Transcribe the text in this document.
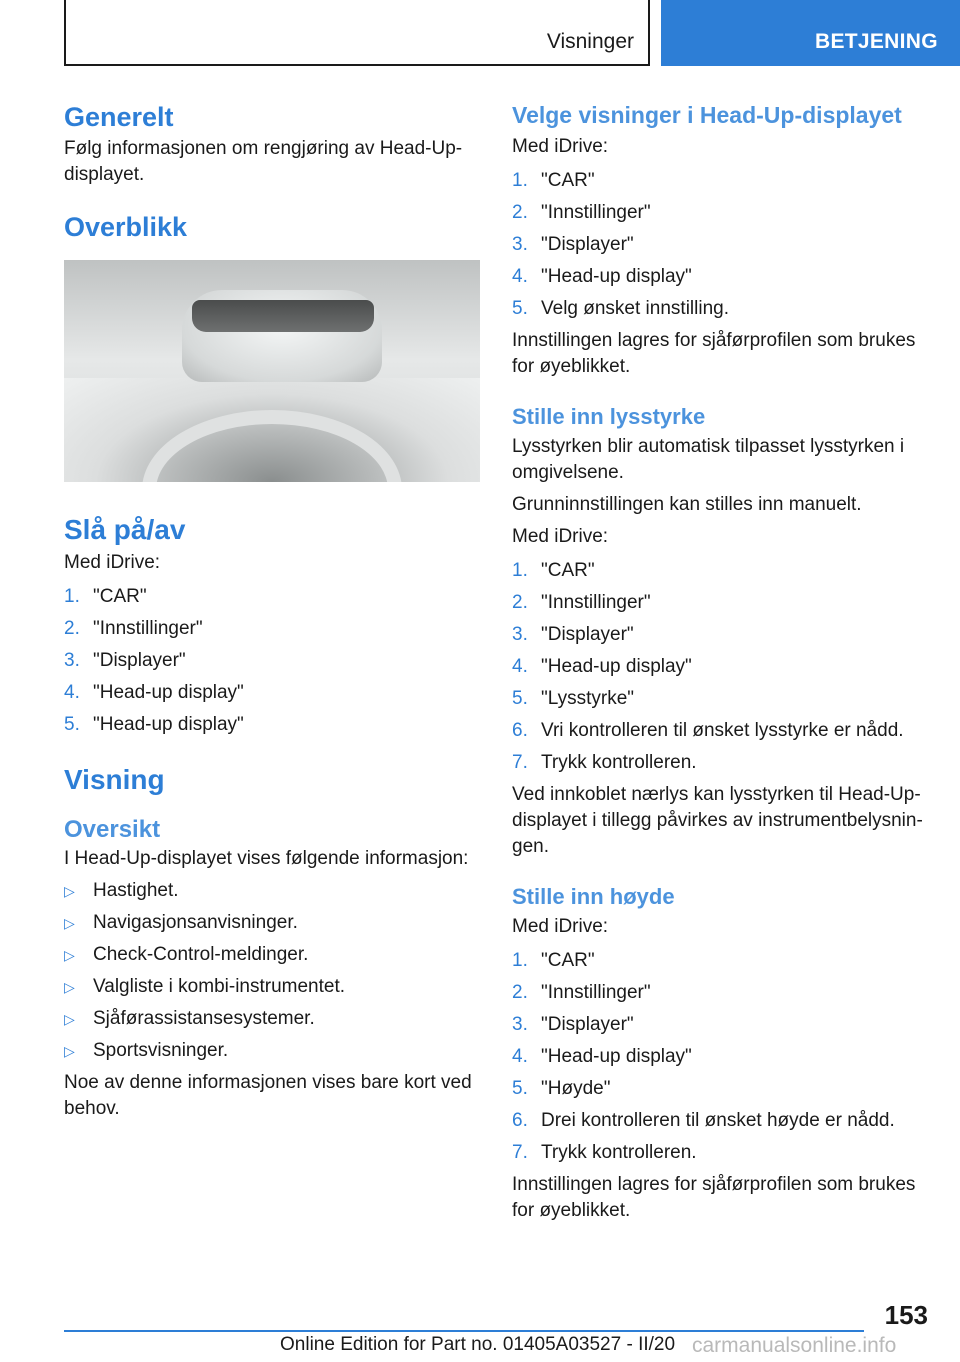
Visninger	BETJENING
Generelt

Følg informasjonen om rengjøring av Head-Up-displayet.

Overblikk
Slå på/av

Med iDrive:

1. "CAR"
2. "Innstillinger"
3. "Displayer"
4. "Head-up display"
5. "Head-up display"
Visning
Oversikt

I Head-Up-displayet vises følgende informasjon:

▷ Hastighet.
▷ Navigasjonsanvisninger.
▷ Check-Control-meldinger.
▷ Valgliste i kombi-instrumentet.
▷ Sjåførassistansesystemer.
▷ Sportsvisninger.

Noe av denne informasjonen vises bare kort ved behov.

Velge visninger i Head-Up-displayet

Med iDrive:

1. "CAR"
2. "Innstillinger"
3. "Displayer"
4. "Head-up display"
5. Velg ønsket innstilling.

Innstillingen lagres for sjåførprofilen som brukes for øyeblikket.

Stille inn lysstyrke

Lysstyrken blir automatisk tilpasset lysstyrken i omgivelsene.

Grunninnstillingen kan stilles inn manuelt.

Med iDrive:

1. "CAR"
2. "Innstillinger"
3. "Displayer"
4. "Head-up display"
5. "Lysstyrke"
6. Vri kontrolleren til ønsket lysstyrke er nådd.
7. Trykk kontrolleren.

Ved innkoblet nærlys kan lysstyrken til Head-Up-displayet i tillegg påvirkes av instrumentbelysningen.

Stille inn høyde

Med iDrive:

1. "CAR"
2. "Innstillinger"
3. "Displayer"
4. "Head-up display"
5. "Høyde"
6. Drei kontrolleren til ønsket høyde er nådd.
7. Trykk kontrolleren.

Innstillingen lagres for sjåførprofilen som brukes for øyeblikket.

153
Online Edition for Part no. 01405A03527 - II/20 carmanualsonline.info
